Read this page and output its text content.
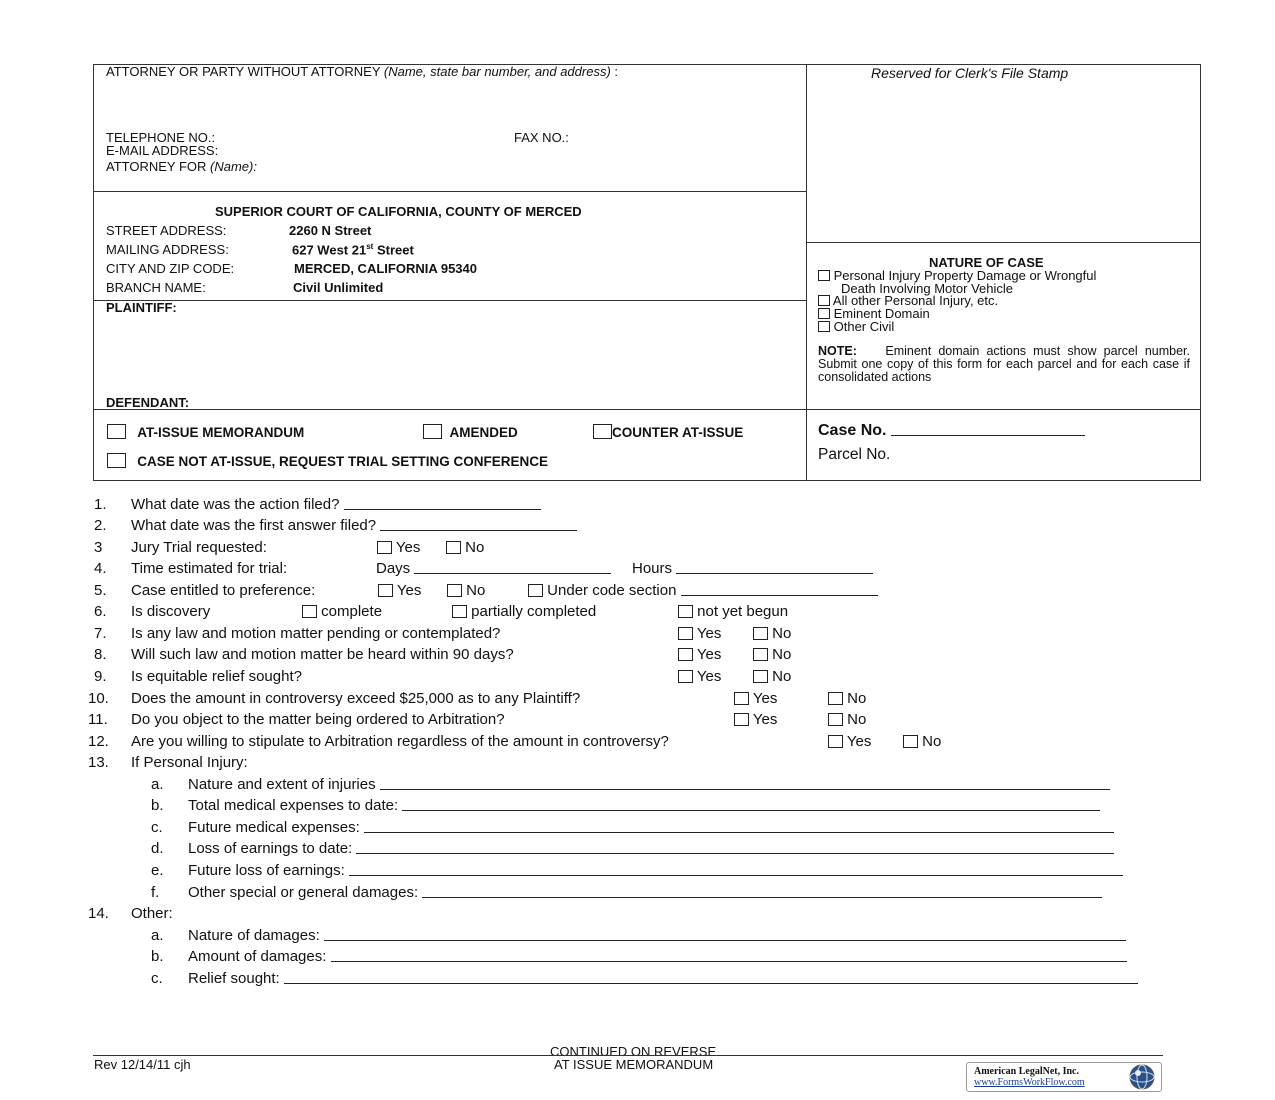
ATTORNEY OR PARTY WITHOUT ATTORNEY (Name, state bar number, and address) :
TELEPHONE NO.:	FAX NO.:
E-MAIL ADDRESS:
ATTORNEY FOR (Name):
Reserved for Clerk's File Stamp
SUPERIOR COURT OF CALIFORNIA, COUNTY OF MERCED
STREET ADDRESS:	2260 N Street
MAILING ADDRESS:	627 West 21st Street
CITY AND ZIP CODE:	MERCED, CALIFORNIA 95340
BRANCH NAME:	Civil Unlimited
PLAINTIFF:
DEFENDANT:
NATURE OF CASE
Personal Injury Property Damage or Wrongful
Death Involving Motor Vehicle
All other Personal Injury, etc.
Eminent Domain
Other Civil
NOTE: Eminent domain actions must show parcel number. Submit one copy of this form for each parcel and for each case if consolidated actions
AT-ISSUE MEMORANDUM	AMENDED	COUNTER AT-ISSUE
CASE NOT AT-ISSUE, REQUEST TRIAL SETTING CONFERENCE
Case No.
Parcel No.
1. What date was the action filed?
2. What date was the first answer filed?
3 Jury Trial requested:	Yes	No
4. Time estimated for trial:	Days	Hours
5. Case entitled to preference:	Yes	No	Under code section
6. Is discovery	complete	partially completed	not yet begun
7. Is any law and motion matter pending or contemplated?	Yes	No
8. Will such law and motion matter be heard within 90 days?	Yes	No
9. Is equitable relief sought?	Yes	No
10. Does the amount in controversy exceed $25,000 as to any Plaintiff?	Yes	No
11. Do you object to the matter being ordered to Arbitration?	Yes	No
12. Are you willing to stipulate to Arbitration regardless of the amount in controversy?	Yes	No
13. If Personal Injury:
a. Nature and extent of injuries
b. Total medical expenses to date:
c. Future medical expenses:
d. Loss of earnings to date:
e. Future loss of earnings:
f. Other special or general damages:
14. Other:
a. Nature of damages:
b. Amount of damages:
c. Relief sought:
CONTINUED ON REVERSE
Rev 12/14/11 cjh	AT ISSUE MEMORANDUM	American LegalNet, Inc.
www.FormsWorkFlow.com
